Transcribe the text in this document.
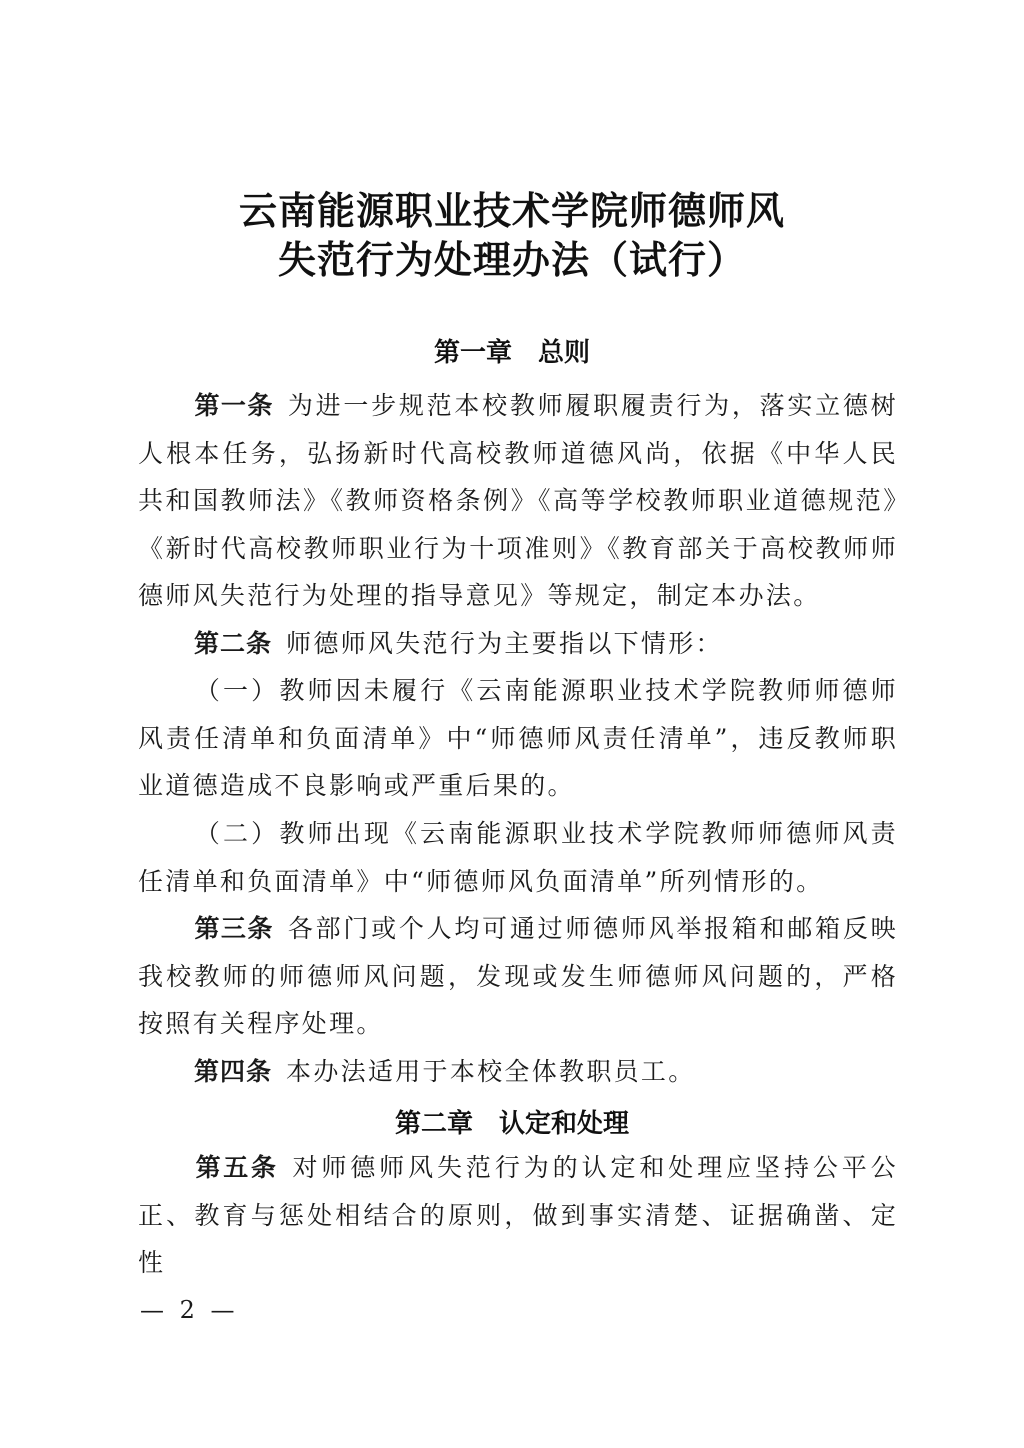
云南能源职业技术学院师德师风
失范行为处理办法（试行）
第一章 总则
第一条 为进一步规范本校教师履职履责行为，落实立德树人根本任务，弘扬新时代高校教师道德风尚，依据《中华人民共和国教师法》《教师资格条例》《高等学校教师职业道德规范》《新时代高校教师职业行为十项准则》《教育部关于高校教师师德师风失范行为处理的指导意见》等规定，制定本办法。
第二条 师德师风失范行为主要指以下情形：
（一）教师因未履行《云南能源职业技术学院教师师德师风责任清单和负面清单》中“师德师风责任清单”，违反教师职业道德造成不良影响或严重后果的。
（二）教师出现《云南能源职业技术学院教师师德师风责任清单和负面清单》中“师德师风负面清单”所列情形的。
第三条 各部门或个人均可通过师德师风举报箱和邮箱反映我校教师的师德师风问题，发现或发生师德师风问题的，严格按照有关程序处理。
第四条 本办法适用于本校全体教职员工。
第二章 认定和处理
第五条 对师德师风失范行为的认定和处理应坚持公平公正、教育与惩处相结合的原则，做到事实清楚、证据确凿、定性
— 2 —
